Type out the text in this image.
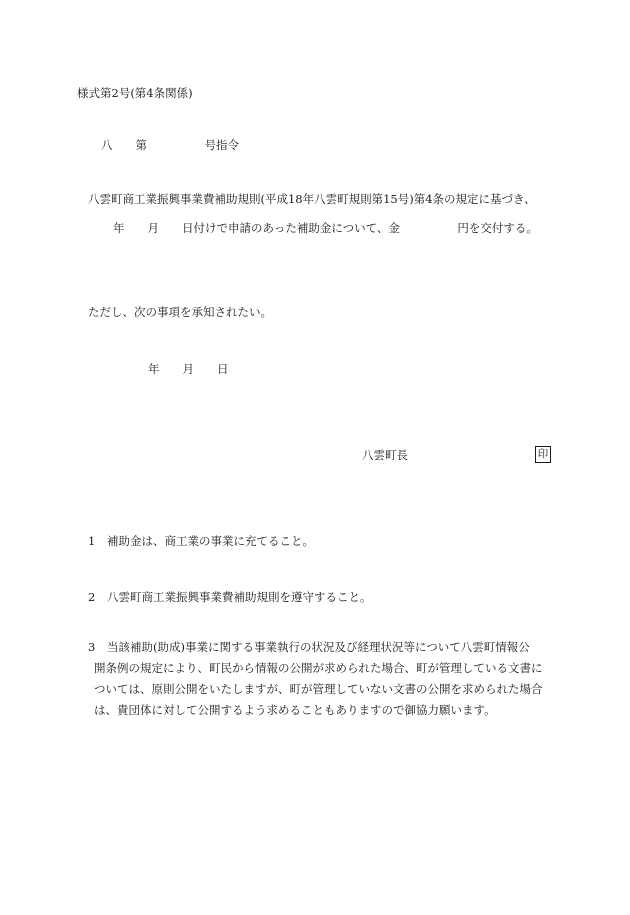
様式第2号(第4条関係)
八　　第　　　　　号指令
八雲町商工業振興事業費補助規則(平成18年八雲町規則第15号)第4条の規定に基づき、
年　　月　　日付けで申請のあった補助金について、金　　　　　円を交付する。
ただし、次の事項を承知されたい。
年　　月　　日
八雲町長	印
1 補助金は、商工業の事業に充てること。
2 八雲町商工業振興事業費補助規則を遵守すること。
3 当該補助(助成)事業に関する事業執行の状況及び経理状況等について八雲町情報公
開条例の規定により、町民から情報の公開が求められた場合、町が管理している文書に
ついては、原則公開をいたしますが、町が管理していない文書の公開を求められた場合
は、貴団体に対して公開するよう求めることもありますので御協力願います。
